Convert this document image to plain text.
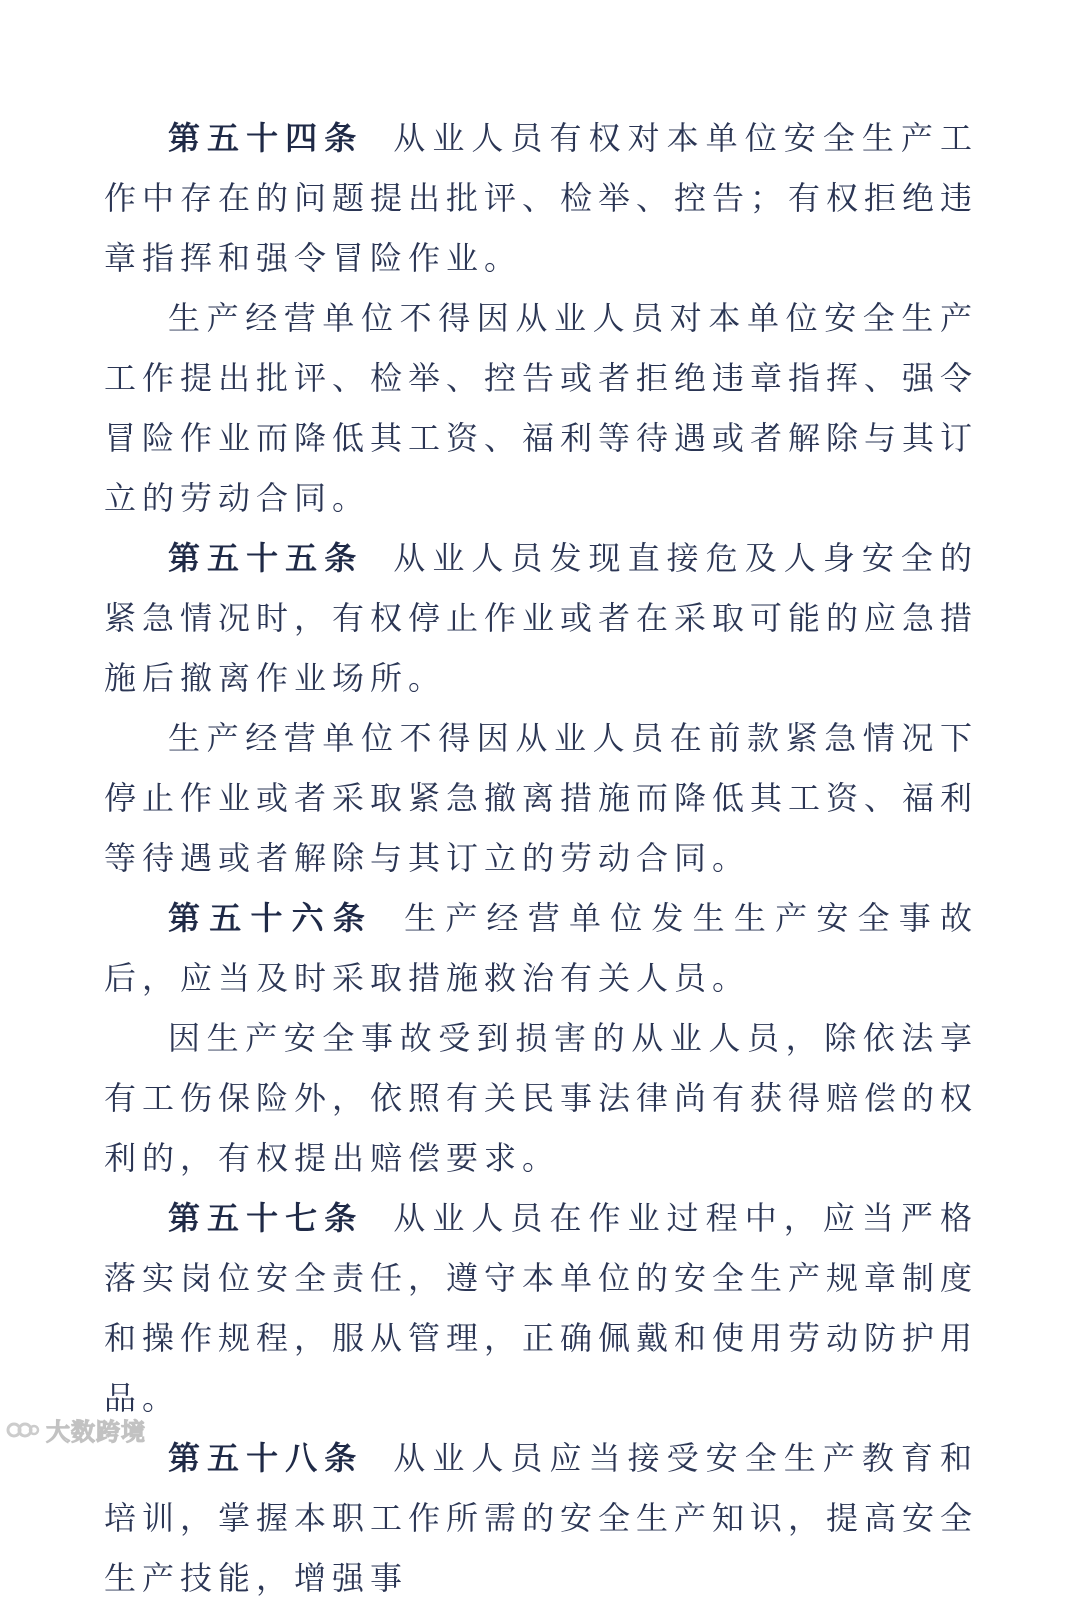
第五十四条 从业人员有权对本单位安全生产工作中存在的问题提出批评、检举、控告；有权拒绝违章指挥和强令冒险作业。

生产经营单位不得因从业人员对本单位安全生产工作提出批评、检举、控告或者拒绝违章指挥、强令冒险作业而降低其工资、福利等待遇或者解除与其订立的劳动合同。

第五十五条 从业人员发现直接危及人身安全的紧急情况时，有权停止作业或者在采取可能的应急措施后撤离作业场所。

生产经营单位不得因从业人员在前款紧急情况下停止作业或者采取紧急撤离措施而降低其工资、福利等待遇或者解除与其订立的劳动合同。

第五十六条 生产经营单位发生生产安全事故后，应当及时采取措施救治有关人员。

因生产安全事故受到损害的从业人员，除依法享有工伤保险外，依照有关民事法律尚有获得赔偿的权利的，有权提出赔偿要求。

第五十七条 从业人员在作业过程中，应当严格落实岗位安全责任，遵守本单位的安全生产规章制度和操作规程，服从管理，正确佩戴和使用劳动防护用品。

第五十八条 从业人员应当接受安全生产教育和培训，掌握本职工作所需的安全生产知识，提高安全生产技能，增强事

大数跨境
